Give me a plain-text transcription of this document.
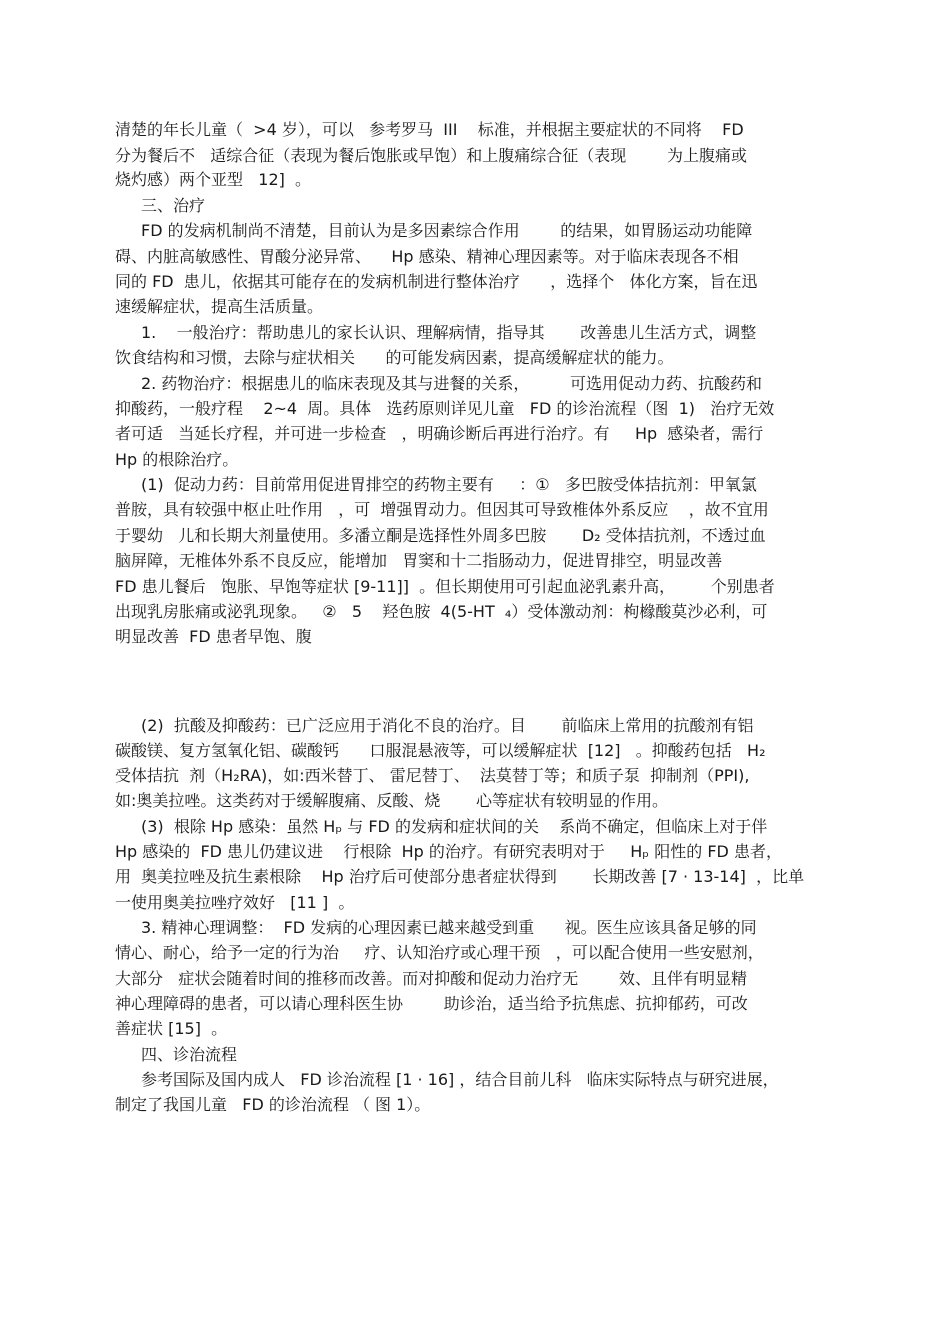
清楚的年长儿童（  >4 岁），可以   参考罗马  III    标准，并根据主要症状的不同将    FD

分为餐后不   适综合征（表现为餐后饱胀或早饱）和上腹痛综合征（表现        为上腹痛或

烧灼感）两个亚型   12]  。

三、治疗

FD 的发病机制尚不清楚，目前认为是多因素综合作用        的结果，如胃肠运动功能障

碍、内脏高敏感性、胃酸分泌异常、    Hp 感染、精神心理因素等。对于临床表现各不相

同的 FD  患儿，依据其可能存在的发病机制进行整体治疗      ，选择个   体化方案，旨在迅

速缓解症状，提高生活质量。

1.    一般治疗：帮助患儿的家长认识、理解病情，指导其       改善患儿生活方式，调整

饮食结构和习惯，去除与症状相关      的可能发病因素，提高缓解症状的能力。

2. 药物治疗：根据患儿的临床表现及其与进餐的关系，        可选用促动力药、抗酸药和

抑酸药，一般疗程    2~4  周。具体   选药原则详见儿童   FD 的诊治流程（图  1)   治疗无效

者可适   当延长疗程，并可进一步检查   ，明确诊断后再进行治疗。有     Hp  感染者，需行

Hp 的根除治疗。

(1)  促动力药：目前常用促进胃排空的药物主要有     ：①   多巴胺受体拮抗剂：甲氧氯

普胺，具有较强中枢止吐作用   ，可  增强胃动力。但因其可导致椎体外系反应    ，故不宜用

于婴幼   儿和长期大剂量使用。多潘立酮是选择性外周多巴胺       D₂ 受体拮抗剂，不透过血

脑屏障，无椎体外系不良反应，能增加   胃窦和十二指肠动力，促进胃排空，明显改善

FD 患儿餐后   饱胀、早饱等症状 [9-11]]  。但长期使用可引起血泌乳素升高，       个别患者

出现乳房胀痛或泌乳现象。   ②   5    羟色胺  4(5-HT  ₄）受体激动剂：枸橼酸莫沙必利，可

明显改善  FD 患者早饱、腹

(2)  抗酸及抑酸药：已广泛应用于消化不良的治疗。目       前临床上常用的抗酸剂有铝

碳酸镁、复方氢氧化铝、碳酸钙      口服混悬液等，可以缓解症状  [12]   。抑酸药包括   H₂

受体拮抗  剂（H₂RA)，如:西米替丁、 雷尼替丁、  法莫替丁等；和质子泵  抑制剂（PPI),

如:奥美拉唑。这类药对于缓解腹痛、反酸、烧       心等症状有较明显的作用。

(3)  根除 Hp 感染：虽然 Hₚ 与 FD 的发病和症状间的关    系尚不确定，但临床上对于伴

Hp 感染的  FD 患儿仍建议进    行根除  Hp 的治疗。有研究表明对于     Hₚ 阳性的 FD 患者，

用  奥美拉唑及抗生素根除    Hp 治疗后可使部分患者症状得到       长期改善 [7 · 13-14]  ，比单

一使用奥美拉唑疗效好   [11 ]  。

3. 精神心理调整：  FD 发病的心理因素已越来越受到重      视。医生应该具备足够的同

情心、耐心，给予一定的行为治     疗、认知治疗或心理干预   ，可以配合使用一些安慰剂，

大部分   症状会随着时间的推移而改善。而对抑酸和促动力治疗无        效、且伴有明显精

神心理障碍的患者，可以请心理科医生协        助诊治，适当给予抗焦虑、抗抑郁药，可改

善症状 [15]  。

四、诊治流程

参考国际及国内成人   FD 诊治流程 [1 · 16] ，结合目前儿科   临床实际特点与研究进展，

制定了我国儿童   FD 的诊治流程 （ 图 1）。
